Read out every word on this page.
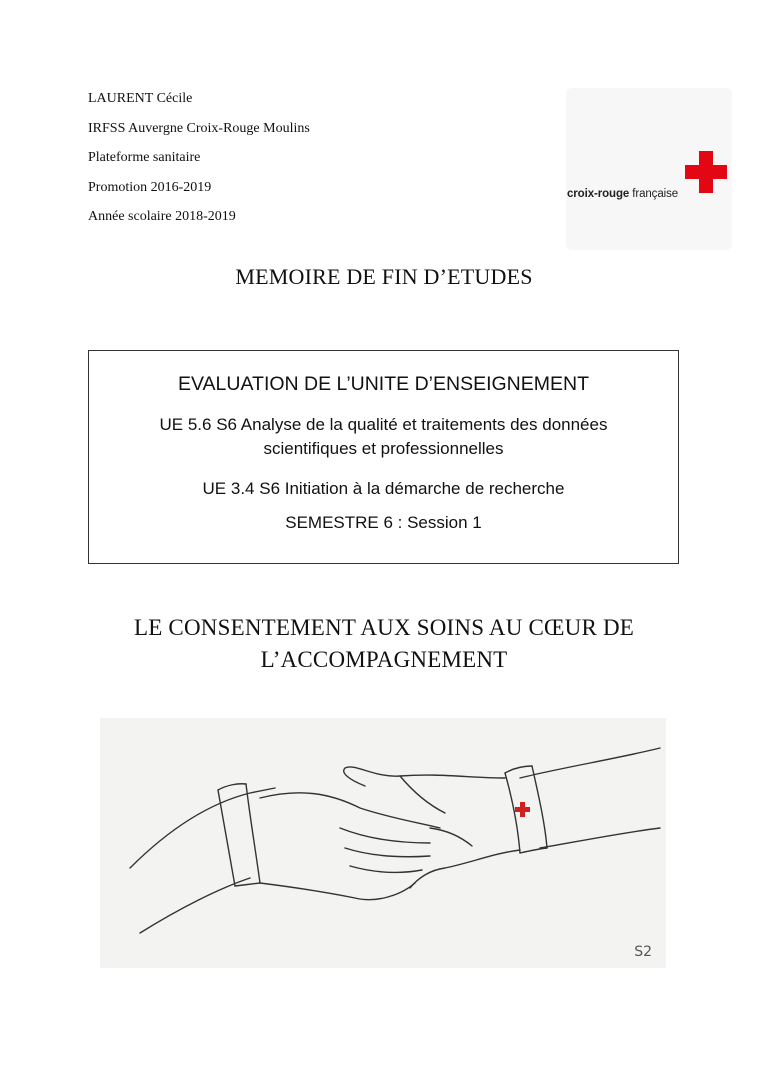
LAURENT Cécile
IRFSS Auvergne Croix-Rouge Moulins
Plateforme sanitaire
Promotion 2016-2019
Année scolaire 2018-2019
croix-rouge française
MEMOIRE DE FIN D’ETUDES
EVALUATION DE L’UNITE D’ENSEIGNEMENT
UE 5.6 S6 Analyse de la qualité et traitements des données scientifiques et professionnelles
UE 3.4 S6 Initiation à la démarche de recherche
SEMESTRE 6 : Session 1
LE CONSENTEMENT AUX SOINS AU CŒUR DE L’ACCOMPAGNEMENT
S2
